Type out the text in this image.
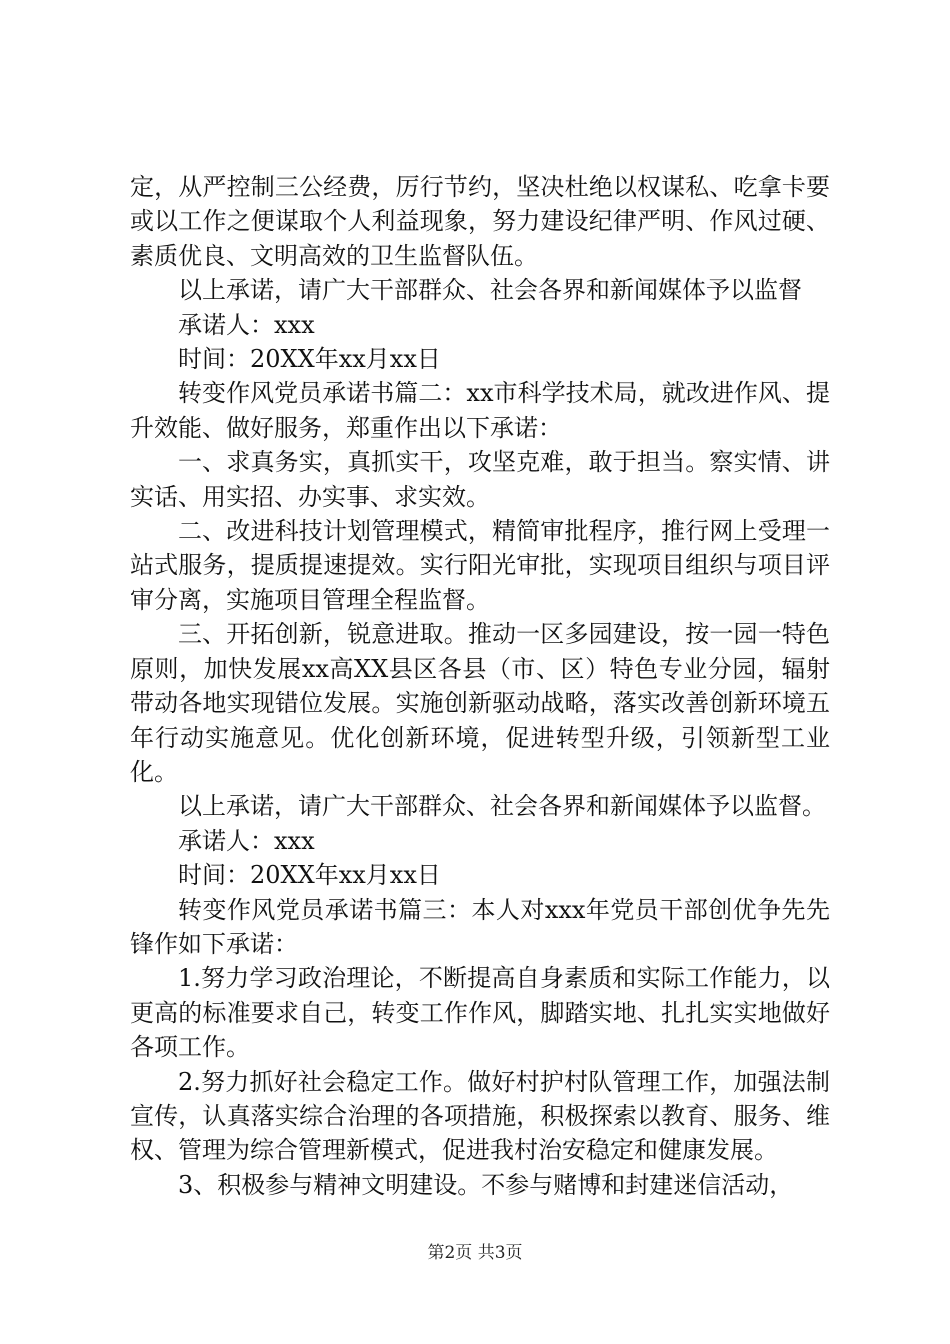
定，从严控制三公经费，厉行节约，坚决杜绝以权谋私、吃拿卡要或以工作之便谋取个人利益现象，努力建设纪律严明、作风过硬、素质优良、文明高效的卫生监督队伍。

以上承诺，请广大干部群众、社会各界和新闻媒体予以监督

承诺人：xxx

时间：20XX年xx月xx日

转变作风党员承诺书篇二：xx市科学技术局，就改进作风、提升效能、做好服务，郑重作出以下承诺：

一、求真务实，真抓实干，攻坚克难，敢于担当。察实情、讲实话、用实招、办实事、求实效。

二、改进科技计划管理模式，精简审批程序，推行网上受理一站式服务，提质提速提效。实行阳光审批，实现项目组织与项目评审分离，实施项目管理全程监督。

三、开拓创新，锐意进取。推动一区多园建设，按一园一特色原则，加快发展xx高XX县区各县（市、区）特色专业分园，辐射带动各地实现错位发展。实施创新驱动战略，落实改善创新环境五年行动实施意见。优化创新环境，促进转型升级，引领新型工业化。

以上承诺，请广大干部群众、社会各界和新闻媒体予以监督。

承诺人：xxx

时间：20XX年xx月xx日

转变作风党员承诺书篇三：本人对xxx年党员干部创优争先先锋作如下承诺：

1.努力学习政治理论，不断提高自身素质和实际工作能力，以更高的标准要求自己，转变工作作风，脚踏实地、扎扎实实地做好各项工作。

2.努力抓好社会稳定工作。做好村护村队管理工作，加强法制宣传，认真落实综合治理的各项措施，积极探索以教育、服务、维权、管理为综合管理新模式，促进我村治安稳定和健康发展。

3、积极参与精神文明建设。不参与赌博和封建迷信活动，

第2页 共3页
